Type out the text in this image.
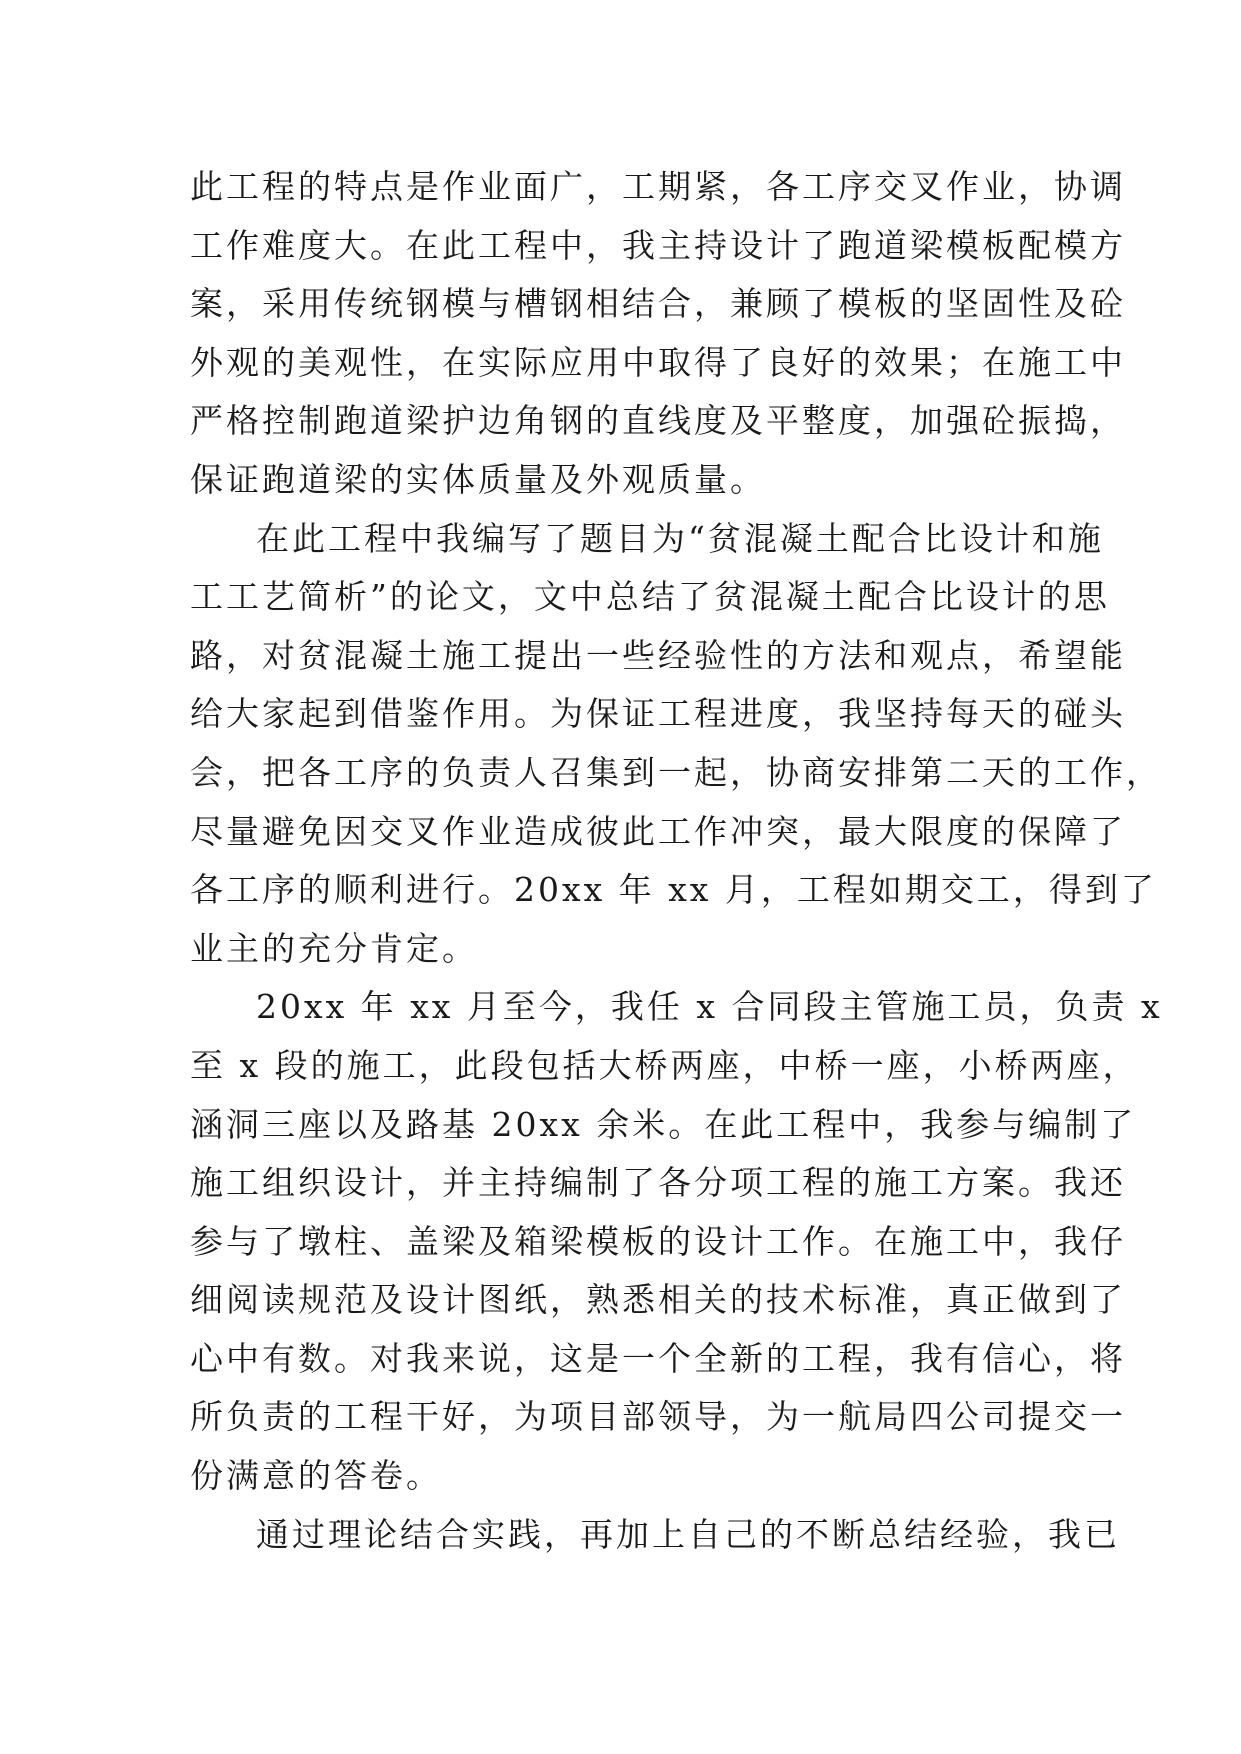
此工程的特点是作业面广，工期紧，各工序交叉作业，协调
工作难度大。在此工程中，我主持设计了跑道梁模板配模方
案，采用传统钢模与槽钢相结合，兼顾了模板的坚固性及砼
外观的美观性，在实际应用中取得了良好的效果；在施工中
严格控制跑道梁护边角钢的直线度及平整度，加强砼振捣，
保证跑道梁的实体质量及外观质量。
在此工程中我编写了题目为“贫混凝土配合比设计和施
工工艺简析”的论文，文中总结了贫混凝土配合比设计的思
路，对贫混凝土施工提出一些经验性的方法和观点，希望能
给大家起到借鉴作用。为保证工程进度，我坚持每天的碰头
会，把各工序的负责人召集到一起，协商安排第二天的工作，
尽量避免因交叉作业造成彼此工作冲突，最大限度的保障了
各工序的顺利进行。20xx 年 xx 月，工程如期交工，得到了
业主的充分肯定。
20xx 年 xx 月至今，我任 x 合同段主管施工员，负责 x
至 x 段的施工，此段包括大桥两座，中桥一座，小桥两座，
涵洞三座以及路基 20xx 余米。在此工程中，我参与编制了
施工组织设计，并主持编制了各分项工程的施工方案。我还
参与了墩柱、盖梁及箱梁模板的设计工作。在施工中，我仔
细阅读规范及设计图纸，熟悉相关的技术标准，真正做到了
心中有数。对我来说，这是一个全新的工程，我有信心，将
所负责的工程干好，为项目部领导，为一航局四公司提交一
份满意的答卷。
通过理论结合实践，再加上自己的不断总结经验，我已
